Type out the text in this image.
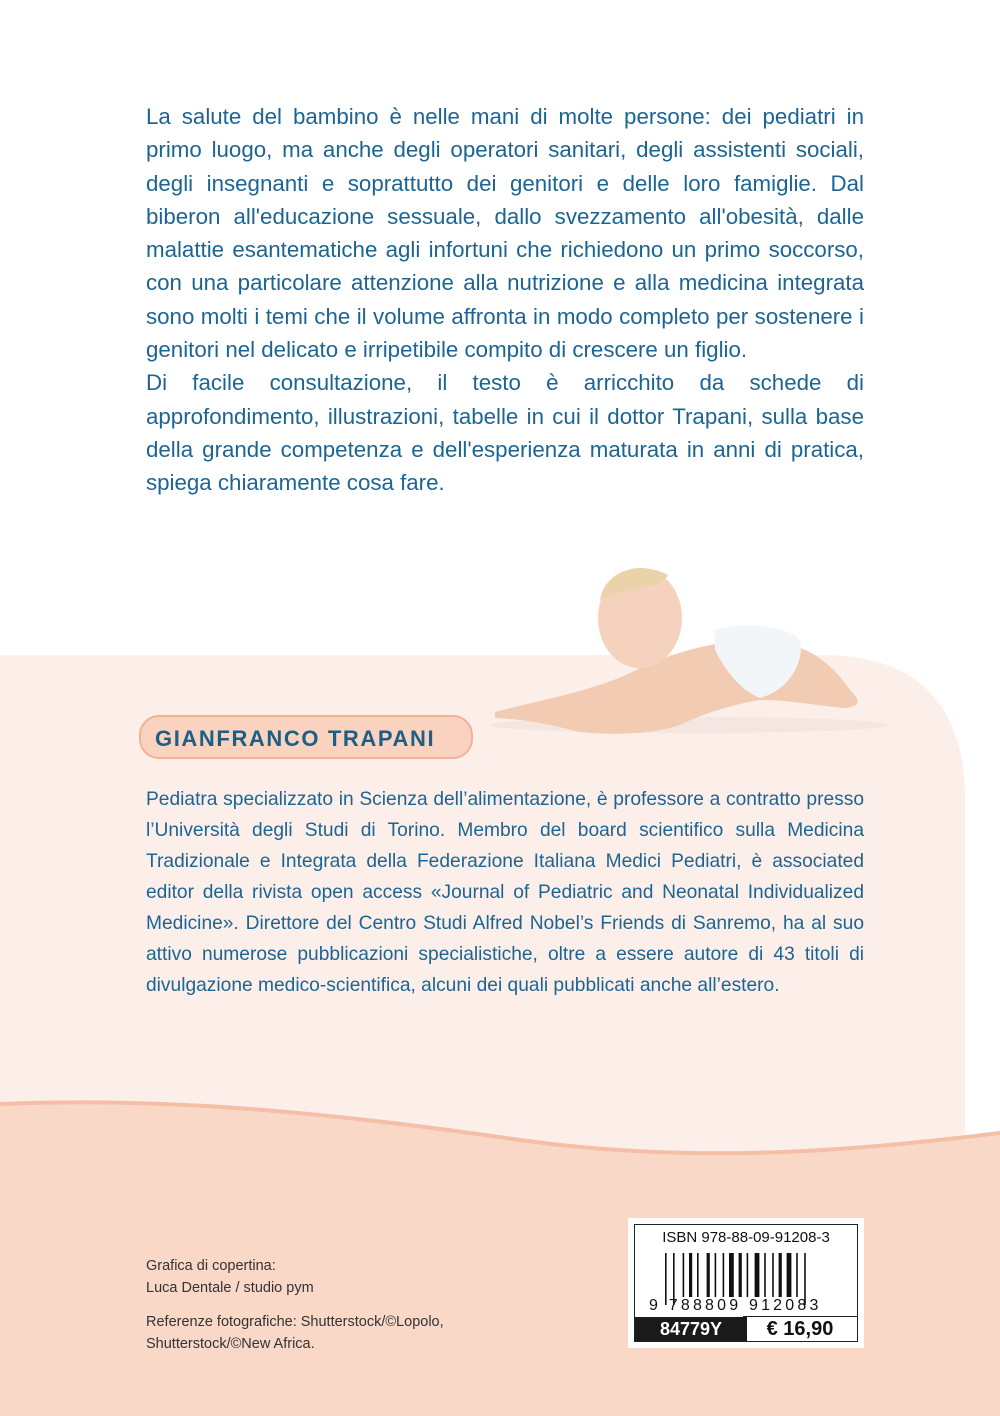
La salute del bambino è nelle mani di molte persone: dei pediatri in primo luogo, ma anche degli operatori sanitari, degli assistenti sociali, degli insegnanti e soprattutto dei genitori e delle loro famiglie. Dal biberon all'educazione sessuale, dallo svezzamento all'obesità, dalle malattie esantematiche agli infortuni che richiedono un primo soccorso, con una particolare attenzione alla nutrizione e alla medicina integrata sono molti i temi che il volume affronta in modo completo per sostenere i genitori nel delicato e irripetibile compito di crescere un figlio.

Di facile consultazione, il testo è arricchito da schede di approfondimento, illustrazioni, tabelle in cui il dottor Trapani, sulla base della grande competenza e dell'esperienza maturata in anni di pratica, spiega chiaramente cosa fare.

GIANFRANCO TRAPANI
Pediatra specializzato in Scienza dell’alimentazione, è professore a contratto presso l’Università degli Studi di Torino. Membro del board scientifico sulla Medicina Tradizionale e Integrata della Federazione Italiana Medici Pediatri, è associated editor della rivista open access «Journal of Pediatric and Neonatal Individualized Medicine». Direttore del Centro Studi Alfred Nobel’s Friends di Sanremo, ha al suo attivo numerose pubblicazioni specialistiche, oltre a essere autore di 43 titoli di divulgazione medico-scientifica, alcuni dei quali pubblicati anche all’estero.

Grafica di copertina:
Luca Dentale / studio pym

Referenze fotografiche: Shutterstock/©Lopolo,
Shutterstock/©New Africa.

ISBN 978-88-09-91208-3
9 788809 912083
84779Y	€ 16,90
